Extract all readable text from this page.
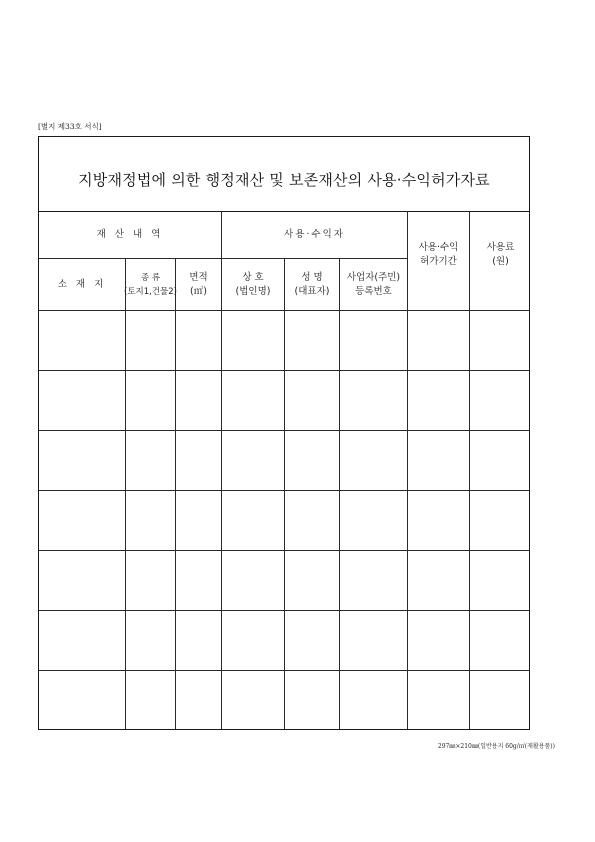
[별지 제33호 서식]
지방재정법에 의한 행정재산 및 보존재산의 사용·수익허가자료
재 산 내 역	사용·수익자
사용·수익
허가기간
사용료
(원)
소 재 지
종 류
(토지1,건물2)
면적
(㎡)
상 호
(법인명)
성 명
(대표자)
사업자(주민)
등록번호
297㎜×210㎜(일반용지 60g/㎡(재활용품))
